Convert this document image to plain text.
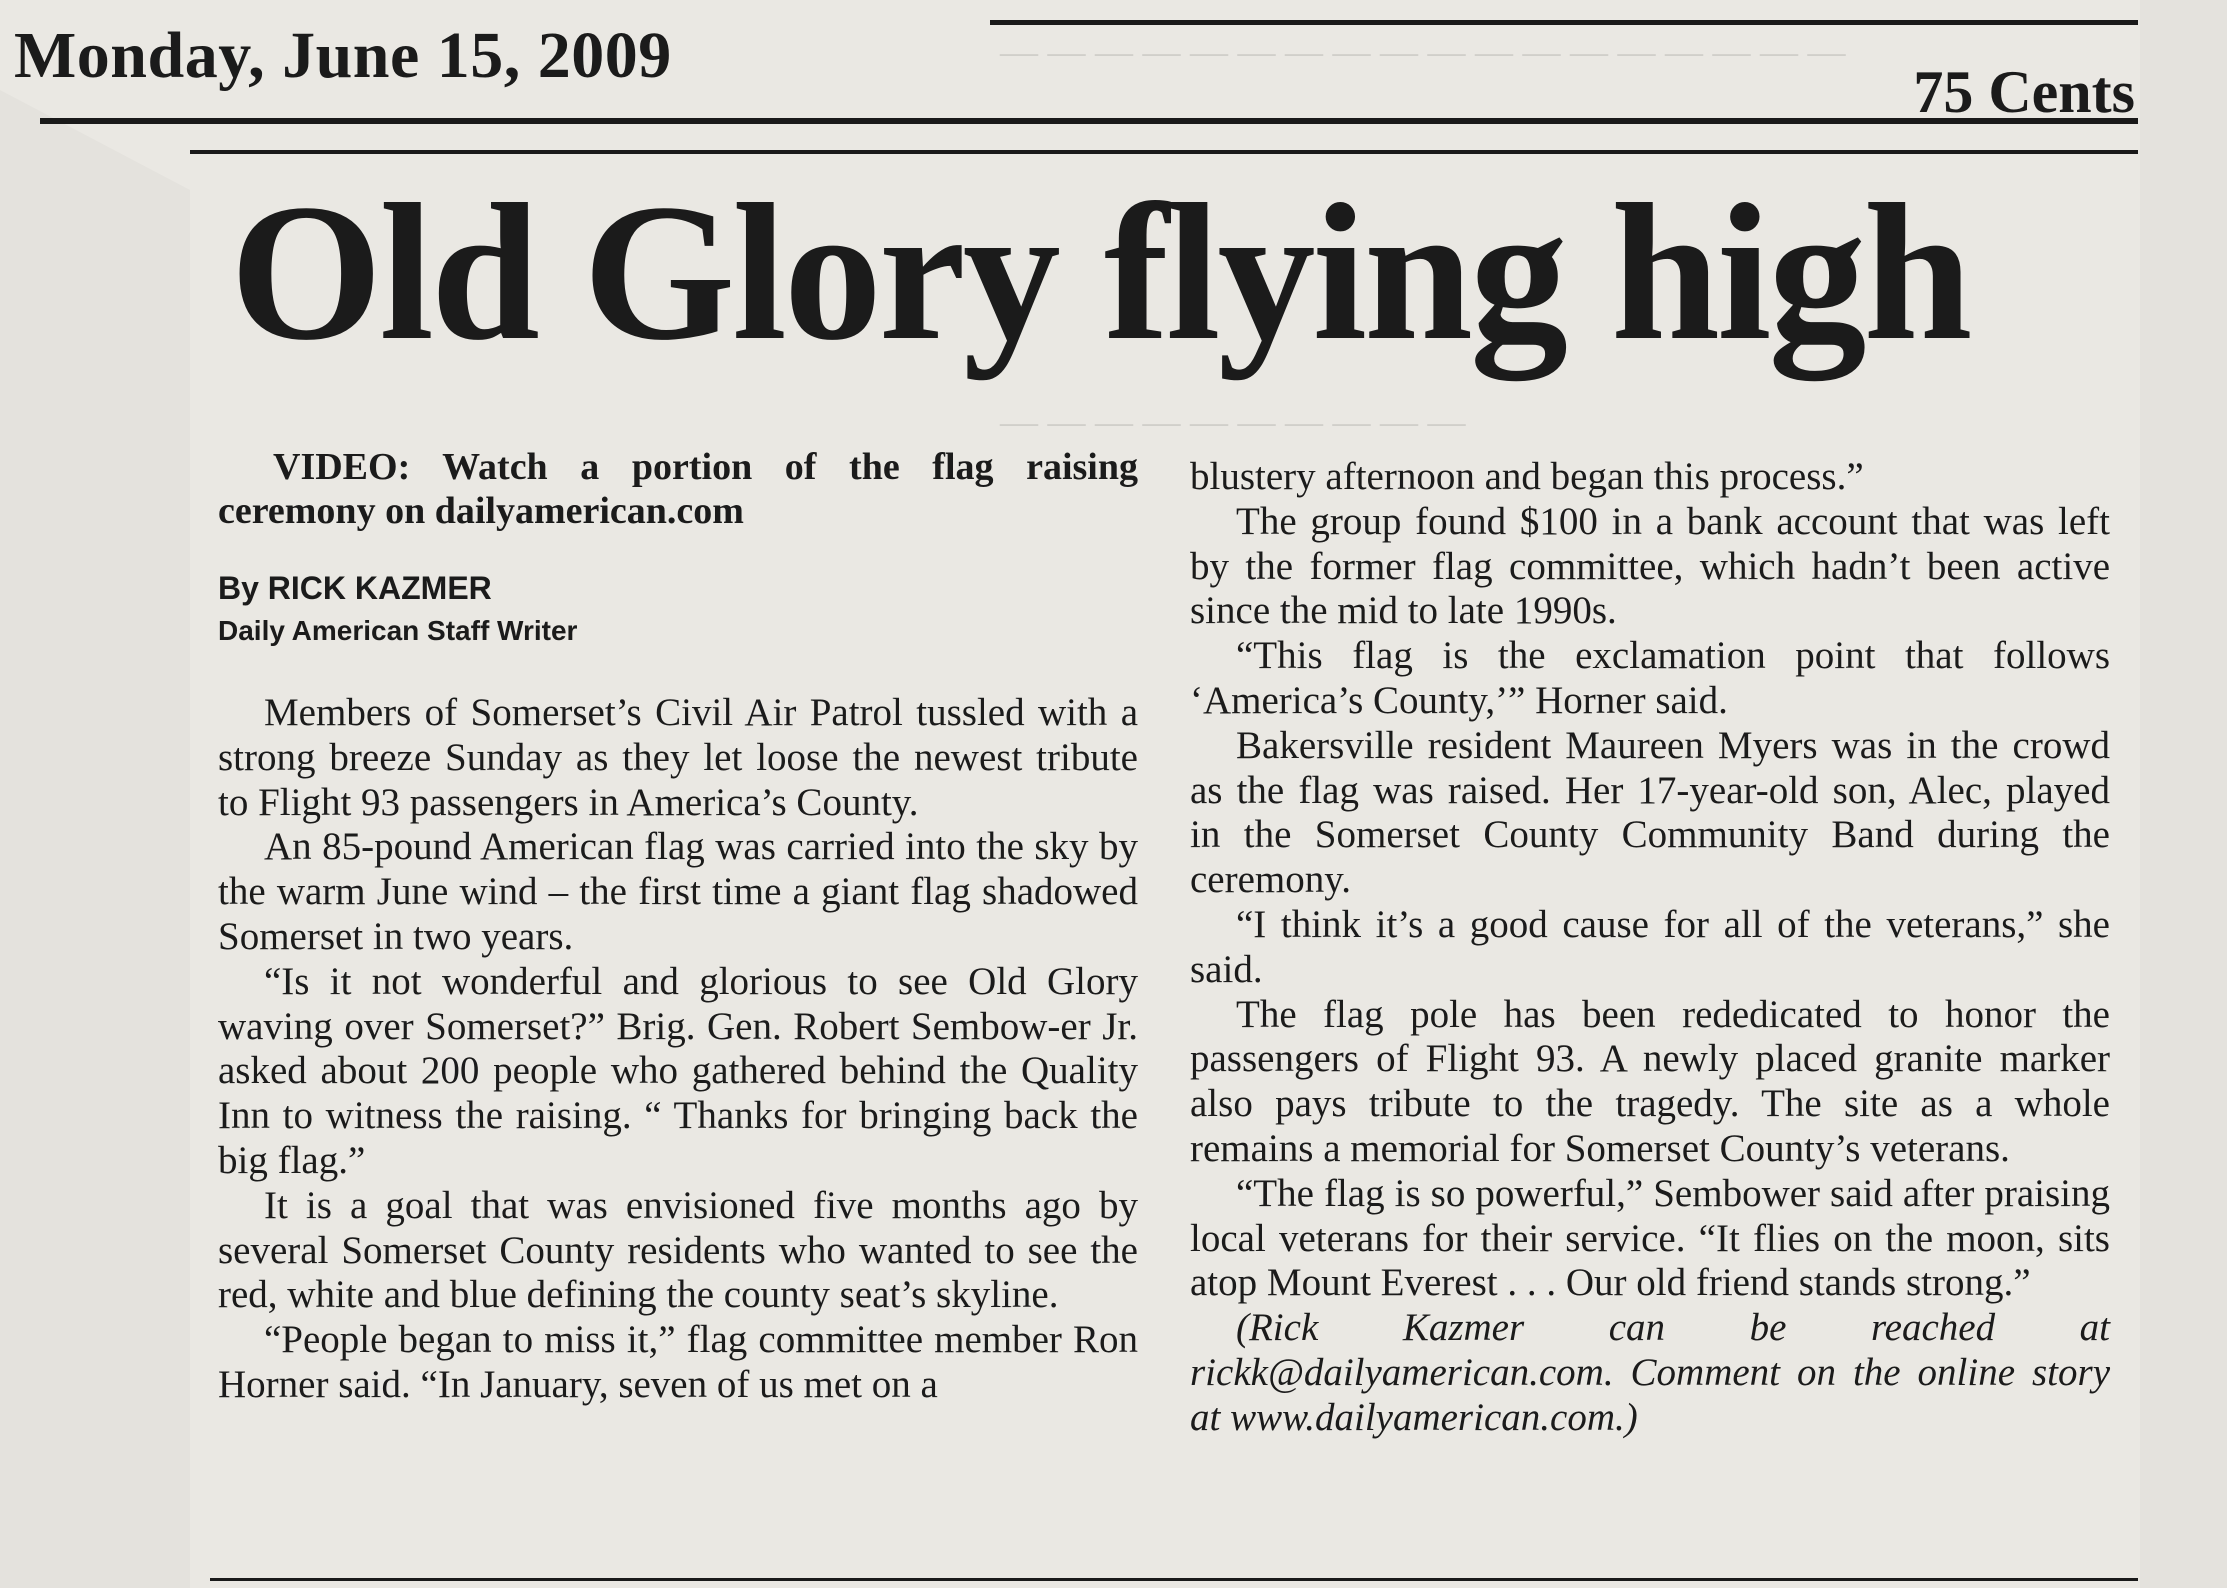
— — — — — — — — — — — — — — — — — —
— — — — — — — — — —
Monday, June 15, 2009	75 Cents
Old Glory flying high

VIDEO: Watch a portion of the flag raising ceremony on dailyamerican.com

By RICK KAZMER

Daily American Staff Writer

Members of Somerset’s Civil Air Patrol tussled with a strong breeze Sunday as they let loose the newest tribute to Flight 93 passengers in America’s County.

An 85-pound American flag was carried into the sky by the warm June wind – the first time a giant flag shadowed Somerset in two years.

“Is it not wonderful and glorious to see Old Glory waving over Somerset?” Brig. Gen. Robert Sembow-er Jr. asked about 200 people who gathered behind the Quality Inn to witness the raising. “ Thanks for bringing back the big flag.”

It is a goal that was envisioned five months ago by several Somerset County residents who wanted to see the red, white and blue defining the county seat’s skyline.

“People began to miss it,” flag committee member Ron Horner said. “In January, seven of us met on a

blustery afternoon and began this process.”

The group found $100 in a bank account that was left by the former flag committee, which hadn’t been active since the mid to late 1990s.

“This flag is the exclamation point that follows ‘America’s County,’” Horner said.

Bakersville resident Maureen Myers was in the crowd as the flag was raised. Her 17-year-old son, Alec, played in the Somerset County Community Band during the ceremony.

“I think it’s a good cause for all of the veterans,” she said.

The flag pole has been rededicated to honor the passengers of Flight 93. A newly placed granite marker also pays tribute to the tragedy. The site as a whole remains a memorial for Somerset County’s veterans.

“The flag is so powerful,” Sembower said after praising local veterans for their service. “It flies on the moon, sits atop Mount Everest . . . Our old friend stands strong.”

(Rick Kazmer can be reached at rickk@dailyamerican.com. Comment on the online story at www.dailyamerican.com.)
